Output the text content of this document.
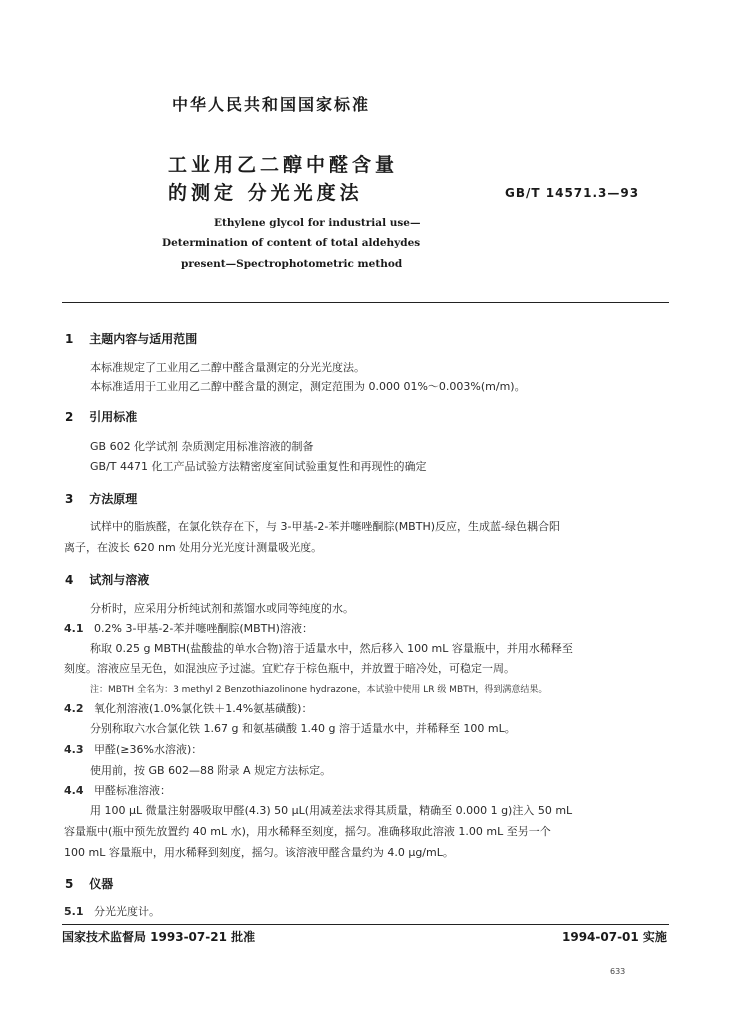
中华人民共和国国家标准
工业用乙二醇中醛含量
的测定 分光光度法	GB/T 14571.3—93
Ethylene glycol for industrial use—
Determination of content of total aldehydes
present—Spectrophotometric method
1 主题内容与适用范围
本标准规定了工业用乙二醇中醛含量测定的分光光度法。
本标准适用于工业用乙二醇中醛含量的测定，测定范围为 0.000 01%～0.003%(m/m)。
2 引用标准
GB 602 化学试剂 杂质测定用标准溶液的制备
GB/T 4471 化工产品试验方法精密度室间试验重复性和再现性的确定
3 方法原理
试样中的脂族醛，在氯化铁存在下，与 3-甲基-2-苯并噻唑酮腙(MBTH)反应，生成蓝-绿色耦合阳
离子，在波长 620 nm 处用分光光度计测量吸光度。
4 试剂与溶液
分析时，应采用分析纯试剂和蒸馏水或同等纯度的水。
4.1 0.2% 3-甲基-2-苯并噻唑酮腙(MBTH)溶液：
称取 0.25 g MBTH(盐酸盐的单水合物)溶于适量水中，然后移入 100 mL 容量瓶中，并用水稀释至
刻度。溶液应呈无色，如混浊应予过滤。宜贮存于棕色瓶中，并放置于暗冷处，可稳定一周。
注：MBTH 全名为：3 methyl 2 Benzothiazolinone hydrazone，本试验中使用 LR 级 MBTH，得到满意结果。
4.2 氧化剂溶液(1.0%氯化铁＋1.4%氨基磺酸)：
分别称取六水合氯化铁 1.67 g 和氨基磺酸 1.40 g 溶于适量水中，并稀释至 100 mL。
4.3 甲醛(≥36%水溶液)：
使用前，按 GB 602—88 附录 A 规定方法标定。
4.4 甲醛标准溶液：
用 100 μL 微量注射器吸取甲醛(4.3) 50 μL(用减差法求得其质量，精确至 0.000 1 g)注入 50 mL
容量瓶中(瓶中预先放置约 40 mL 水)，用水稀释至刻度，摇匀。准确移取此溶液 1.00 mL 至另一个
100 mL 容量瓶中，用水稀释到刻度，摇匀。该溶液甲醛含量约为 4.0 μg/mL。
5 仪器
5.1 分光光度计。
国家技术监督局 1993-07-21 批准	1994-07-01 实施
633
